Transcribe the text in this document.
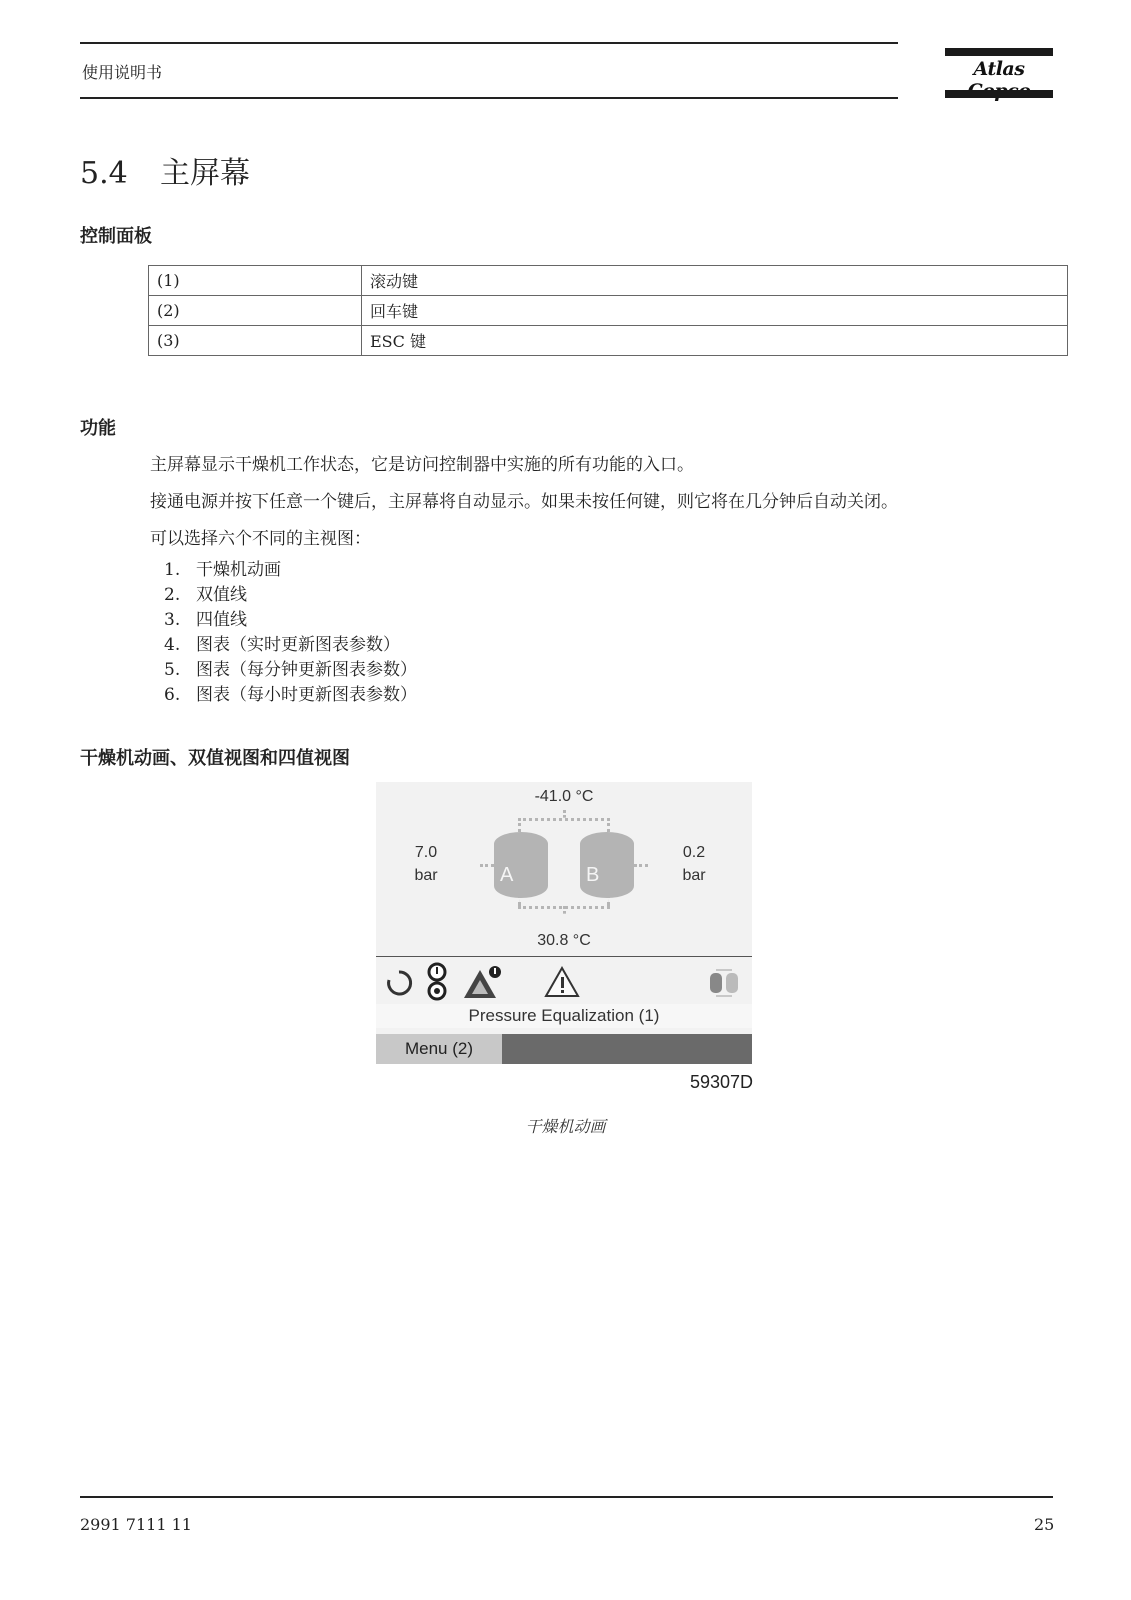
使用说明书	Atlas
5.4 主屏幕
控制面板
(1)	滚动键
(2)	回车键
(3)	ESC 键
功能
主屏幕显示干燥机工作状态，它是访问控制器中实施的所有功能的入口。
接通电源并按下任意一个键后，主屏幕将自动显示。如果未按任何键，则它将在几分钟后自动关闭。
可以选择六个不同的主视图：
1. 干燥机动画
2. 双值线
3. 四值线
4. 图表（实时更新图表参数）
5. 图表（每分钟更新图表参数）
6. 图表（每小时更新图表参数）
干燥机动画、双值视图和四值视图
-41.0 °C
A	B
7.0
bar
0.2
bar
30.8 °C
Pressure Equalization (1)
Menu (2)
59307D
干燥机动画
2991 7111 11	25
